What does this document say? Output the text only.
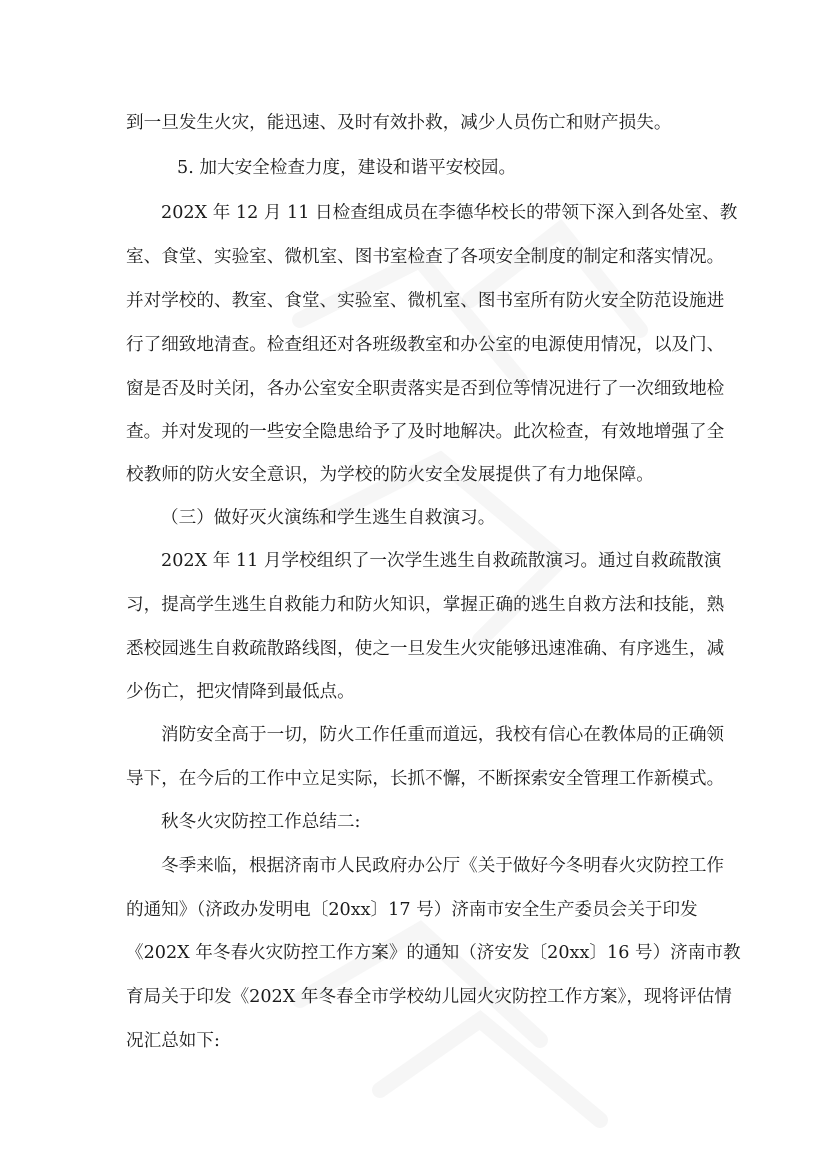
到一旦发生火灾，能迅速、及时有效扑救，减少人员伤亡和财产损失。
5. 加大安全检查力度，建设和谐平安校园。
202X 年 12 月 11 日检查组成员在李德华校长的带领下深入到各处室、教
室、食堂、实验室、微机室、图书室检查了各项安全制度的制定和落实情况。
并对学校的、教室、食堂、实验室、微机室、图书室所有防火安全防范设施进
行了细致地清查。检查组还对各班级教室和办公室的电源使用情况，以及门、
窗是否及时关闭，各办公室安全职责落实是否到位等情况进行了一次细致地检
查。并对发现的一些安全隐患给予了及时地解决。此次检查，有效地增强了全
校教师的防火安全意识，为学校的防火安全发展提供了有力地保障。
（三）做好灭火演练和学生逃生自救演习。
202X 年 11 月学校组织了一次学生逃生自救疏散演习。通过自救疏散演
习，提高学生逃生自救能力和防火知识，掌握正确的逃生自救方法和技能，熟
悉校园逃生自救疏散路线图，使之一旦发生火灾能够迅速准确、有序逃生，减
少伤亡，把灾情降到最低点。
消防安全高于一切，防火工作任重而道远，我校有信心在教体局的正确领
导下，在今后的工作中立足实际，长抓不懈，不断探索安全管理工作新模式。
秋冬火灾防控工作总结二:
冬季来临，根据济南市人民政府办公厅《关于做好今冬明春火灾防控工作
的通知》（济政办发明电〔20xx〕17 号）济南市安全生产委员会关于印发
《202X 年冬春火灾防控工作方案》的通知（济安发〔20xx〕16 号）济南市教
育局关于印发《202X 年冬春全市学校幼儿园火灾防控工作方案》，现将评估情
况汇总如下:
